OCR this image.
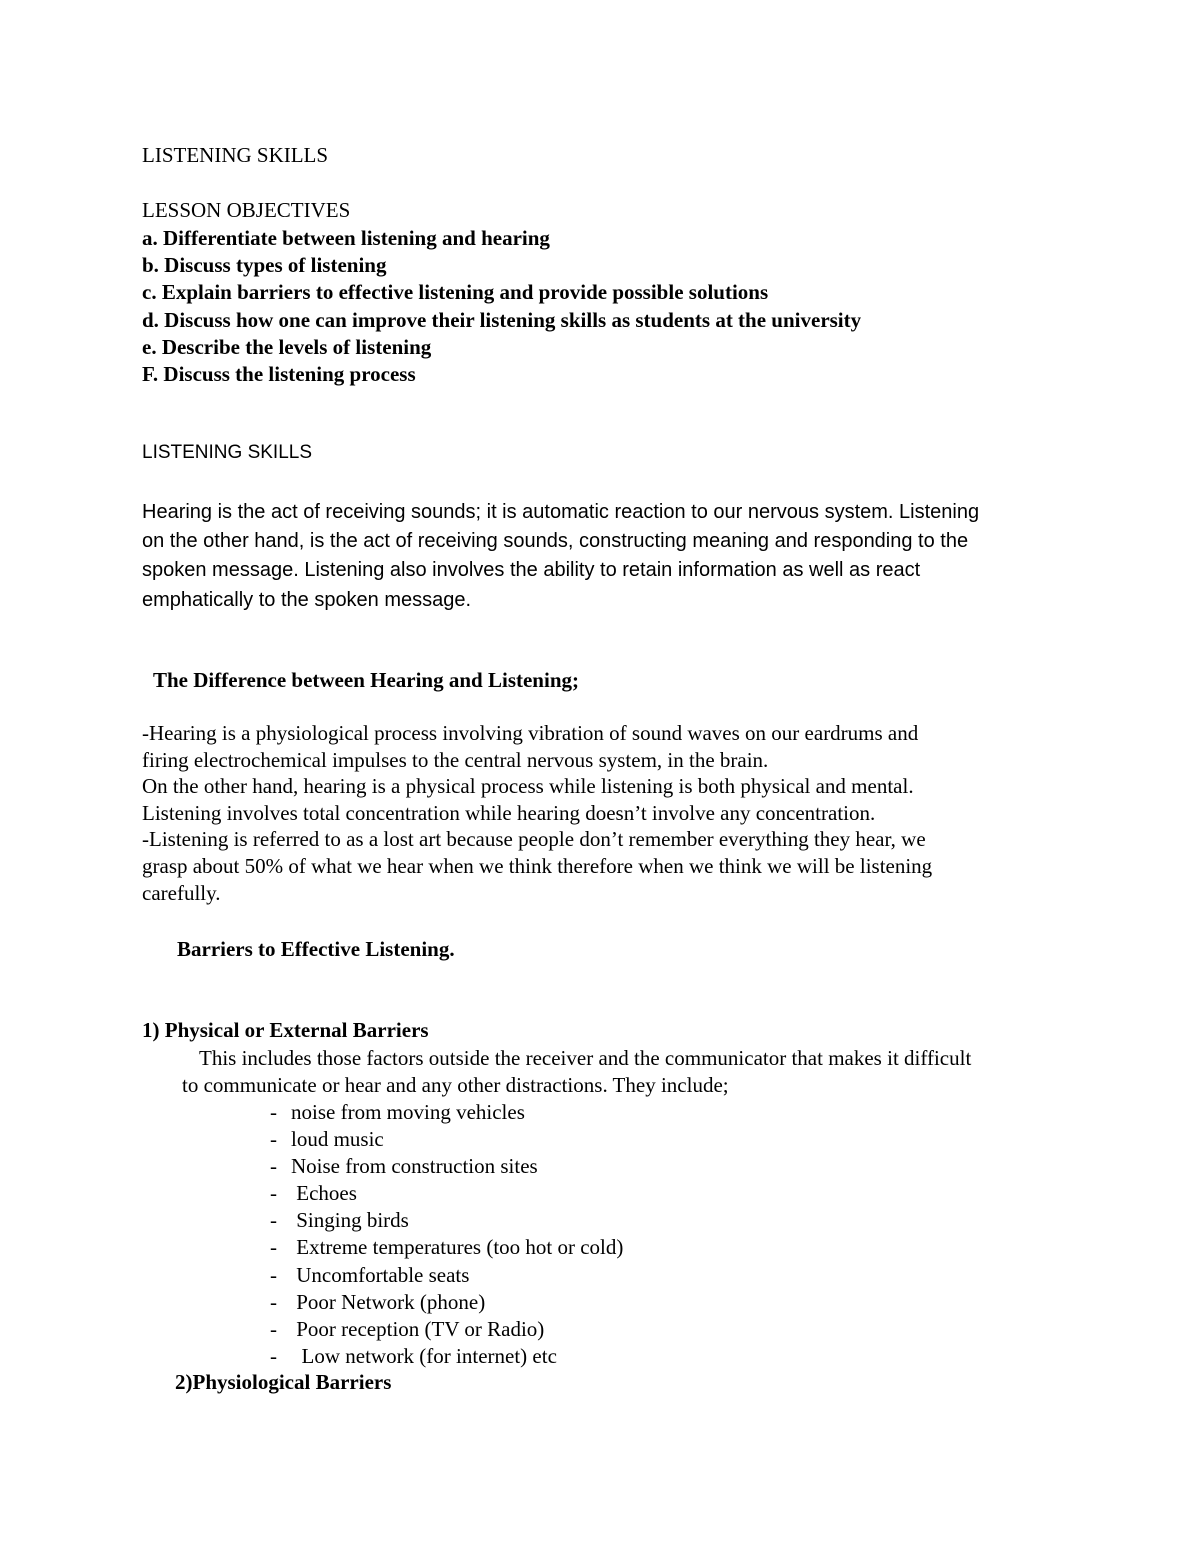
LISTENING SKILLS
LESSON OBJECTIVES
a. Differentiate between listening and hearing
b. Discuss types of listening
c. Explain barriers to effective listening and provide possible solutions
d. Discuss how one can improve their listening skills as students at the university
e. Describe the levels of listening
F. Discuss the listening process
LISTENING SKILLS
Hearing is the act of receiving sounds; it is automatic reaction to our nervous system. Listening
on the other hand, is the act of receiving sounds, constructing meaning and responding to the
spoken message. Listening also involves the ability to retain information as well as react
emphatically to the spoken message.
The Difference between Hearing and Listening;
-Hearing is a physiological process involving vibration of sound waves on our eardrums and
firing electrochemical impulses to the central nervous system, in the brain.
On the other hand, hearing is a physical process while listening is both physical and mental.
Listening involves total concentration while hearing doesn’t involve any concentration.
-Listening is referred to as a lost art because people don’t remember everything they hear, we
grasp about 50% of what we hear when we think therefore when we think we will be listening
carefully.
Barriers to Effective Listening.
1) Physical or External Barriers
This includes those factors outside the receiver and the communicator that makes it difficult
to communicate or hear and any other distractions. They include;
- noise from moving vehicles
- loud music
- Noise from construction sites
- Echoes
- Singing birds
- Extreme temperatures (too hot or cold)
- Uncomfortable seats
- Poor Network (phone)
- Poor reception (TV or Radio)
- Low network (for internet) etc
2)Physiological Barriers
